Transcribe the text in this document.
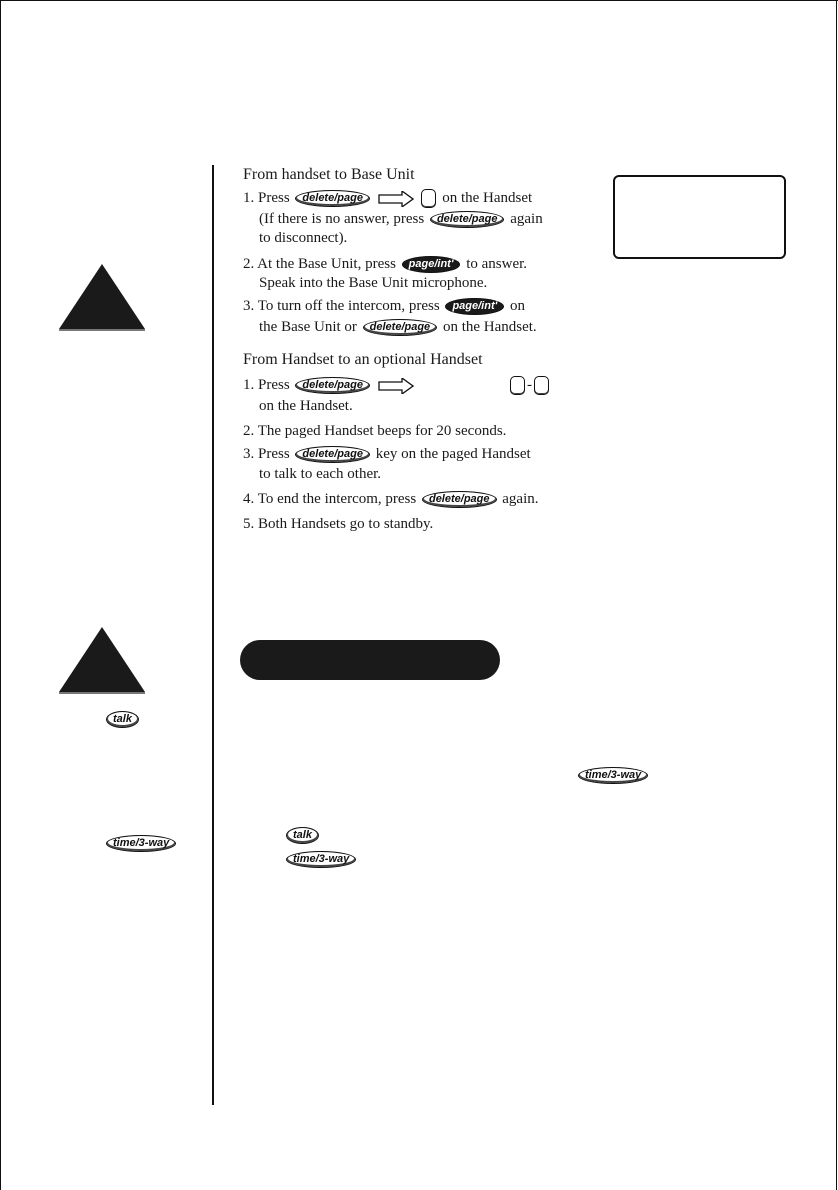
From handset to Base Unit
1. Press delete/page	on the Handset
(If there is no answer, press delete/page again
to disconnect).
2. At the Base Unit, press page/int' to answer.
Speak into the Base Unit microphone.
3. To turn off the intercom, press page/int' on
the Base Unit or delete/page on the Handset.
From Handset to an optional Handset
1. Press delete/page	-
on the Handset.
2. The paged Handset beeps for 20 seconds.
3. Press delete/page key on the paged Handset
to talk to each other.
4. To end the intercom, press delete/page again.
5. Both Handsets go to standby.
talk
time/3-way
time/3-way
talk
time/3-way
